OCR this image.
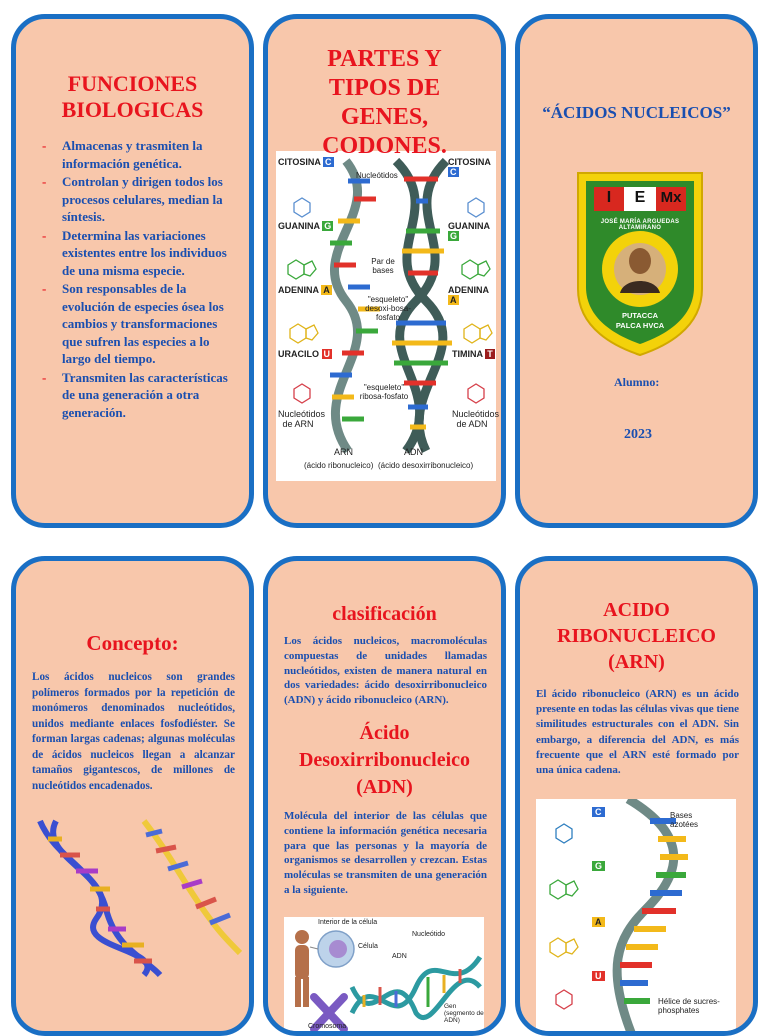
FUNCIONES
BIOLOGICAS
- Almacenas y trasmiten la información genética.
- Controlan y dirigen todos los procesos celulares, median la síntesis.
- Determina las variaciones existentes entre los individuos de una misma especie.
- Son responsables de la evolución de especies ósea los cambios y transformaciones que sufren las especies a lo largo del tiempo.
- Transmiten las características de una generación a otra generación.
PARTES Y
TIPOS DE
GENES,
CODONES.
CITOSINA C	CITOSINA C
GUANINA G	GUANINA G
ADENINA A	ADENINA A
URACILO U	TIMINA T
Nucleótidos
Par de bases
"esqueleto" desoxi-bosa-fosfato
"esqueleto" ribosa-fosfato
Nucleótidos
de ARN
Nucleótidos
de ADN
ARN
(ácido ribonucleico)
ADN
(ácido desoxirribonucleico)
“ÁCIDOS NUCLEICOS”
I	E	Mx
JOSÉ MARÍA ARGUEDAS ALTAMIRANO
PUTACCA
PALCA HVCA
Alumno:
2023
Concepto:
Los ácidos nucleicos son grandes polímeros formados por la repetición de monómeros denominados nucleótidos, unidos mediante enlaces fosfodiéster. Se forman largas cadenas; algunas moléculas de ácidos nucleicos llegan a alcanzar tamaños gigantescos, de millones de nucleótidos encadenados.
clasificación
Los ácidos nucleicos, macromoléculas compuestas de unidades llamadas nucleótidos, existen de manera natural en dos variedades: ácido desoxirribonucleico (ADN) y ácido ribonucleico (ARN).
Ácido
Desoxirribonucleico
(ADN)
Molécula del interior de las células que contiene la información genética necesaria para que las personas y la mayoría de organismos se desarrollen y crezcan. Estas moléculas se transmiten de una generación a la siguiente.
Interior de la célula
Célula
Nucleótido
ADN
Gen (segmento de ADN)
Cromosoma
ACIDO
RIBONUCLEICO
(ARN)
El ácido ribonucleico (ARN) es un ácido presente en todas las células vivas que tiene similitudes estructurales con el ADN. Sin embargo, a diferencia del ADN, es más frecuente que el ARN esté formado por una única cadena.
C
G
A
U
Bases azotées
Hélice de sucres-phosphates
